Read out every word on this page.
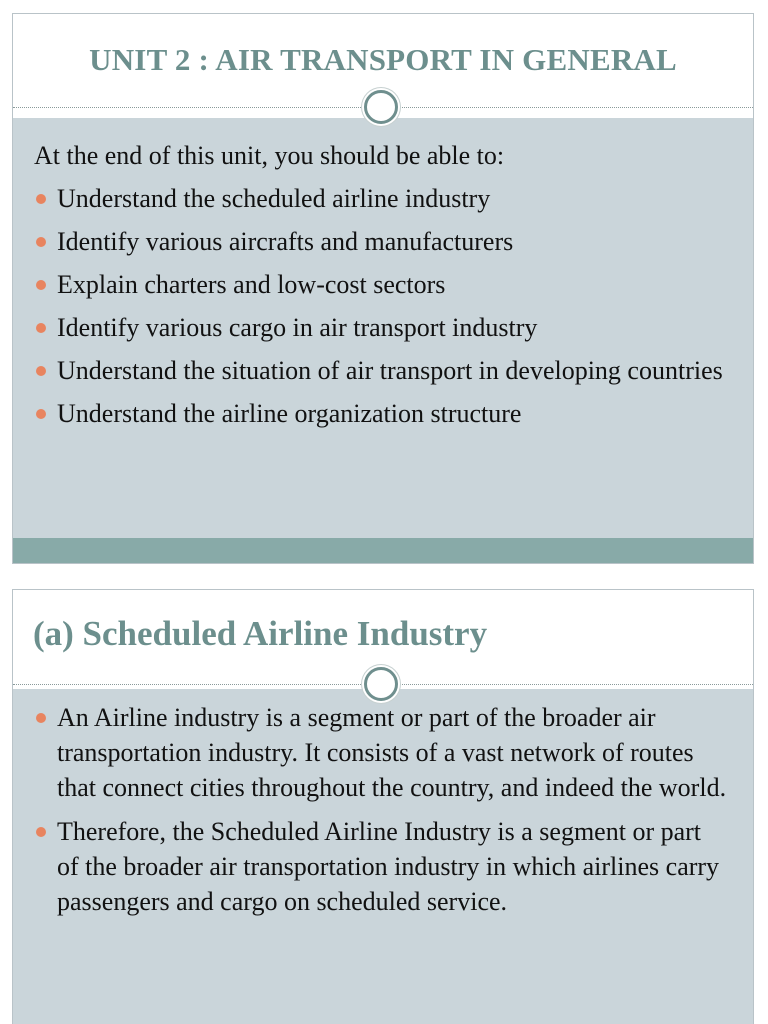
UNIT 2 : AIR TRANSPORT IN GENERAL

At the end of this unit, you should be able to:

Understand the scheduled airline industry
Identify various aircrafts and manufacturers
Explain charters and low-cost sectors
Identify various cargo in air transport industry
Understand the situation of air transport in developing countries
Understand the airline organization structure
(a) Scheduled Airline Industry
An Airline industry is a segment or part of the broader air transportation industry. It consists of a vast network of routes that connect cities throughout the country, and indeed the world.
Therefore, the Scheduled Airline Industry is a segment or part of the broader air transportation industry in which airlines carry passengers and cargo on scheduled service.
